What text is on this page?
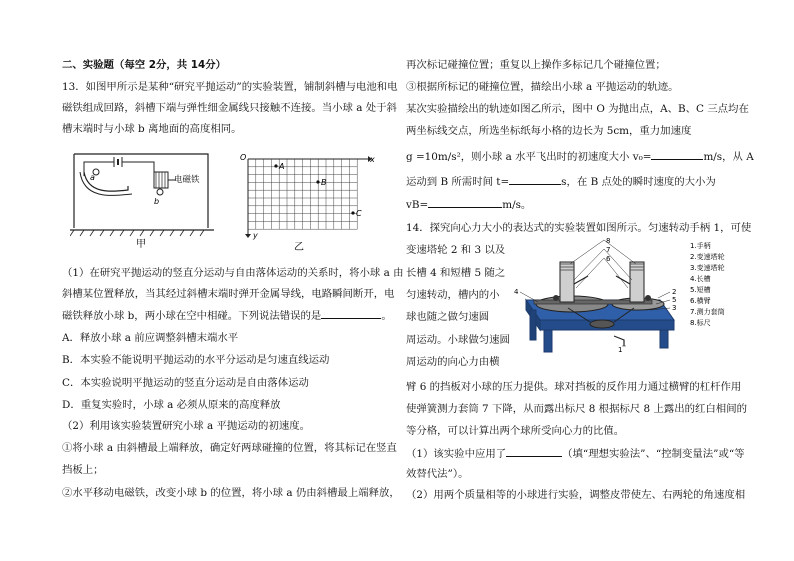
二、实验题（每空 2分，共 14分）
13．如图甲所示是某种“研究平抛运动”的实验装置，铺制斜槽与电池和电
磁铁组成回路，斜槽下端与弹性细金属线只接触不连接。当小球 a 处于斜
槽末端时与小球 b 离地面的高度相同。
a
b
电磁铁
甲
O	x
y
A
B
C
乙
（1）在研究平抛运动的竖直分运动与自由落体运动的关系时，将小球 a 由
斜槽某位置释放，当其经过斜槽末端时弹开金属导线，电路瞬间断开，电
磁铁释放小球 b，两小球在空中相碰。下列说法错误的是	。
A．释放小球 a 前应调整斜槽末端水平
B．本实验不能说明平抛运动的水平分运动是匀速直线运动
C．本实验说明平抛运动的竖直分运动是自由落体运动
D．重复实验时，小球 a 必须从原来的高度释放
（2）利用该实验装置研究小球 a 平抛运动的初速度。
①将小球 a 由斜槽最上端释放，确定好两球碰撞的位置，将其标记在竖直
挡板上；
②水平移动电磁铁，改变小球 b 的位置，将小球 a 仍由斜槽最上端释放，
再次标记碰撞位置；重复以上操作多标记几个碰撞位置；
③根据所标记的碰撞位置，描绘出小球 a 平抛运动的轨迹。
某次实验描绘出的轨迹如图乙所示，图中 O 为抛出点，A、B、C 三点均在
两坐标线交点，所选坐标纸每小格的边长为 5cm，重力加速度
g =10m/s²，则小球 a 水平飞出时的初速度大小 v₀=	m/s，从 A
运动到 B 所需时间 t=	s，在 B 点处的瞬时速度的大小为
vB=	m/s。
14．探究向心力大小的表达式的实验装置如图所示。匀速转动手柄 1，可使
变速塔轮 2 和 3 以及
长槽 4 和短槽 5 随之
匀速转动，槽内的小
球也随之做匀速圆
周运动。小球做匀速圆
周运动的向心力由横
臂 6 的挡板对小球的压力提供。球对挡板的反作用力通过横臂的杠杆作用
使弹簧测力套筒 7 下降，从而露出标尺 8 根据标尺 8 上露出的红白相间的
等分格，可以计算出两个球所受向心力的比值。
（1）该实验中应用了	（填“理想实验法”、“控制变量法”或“等
效替代法”）。
（2）用两个质量相等的小球进行实验，调整皮带使左、右两轮的角速度相
8
7
6
4	2
5
3
1
1.手柄
2.变速塔轮
3.变速塔轮
4.长槽
5.短槽
6.横臂
7.测力套筒
8.标尺
